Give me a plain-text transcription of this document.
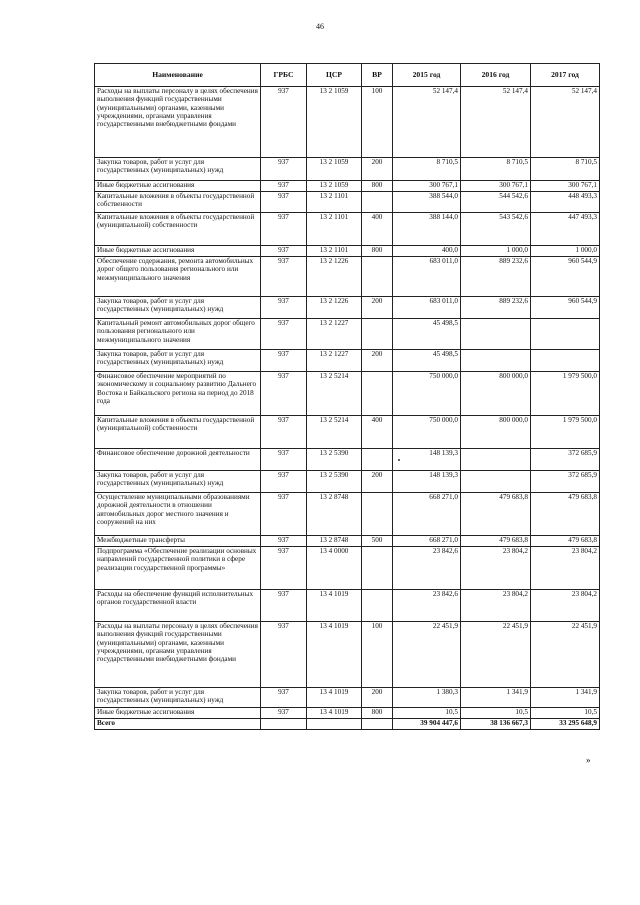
46
Наименование	ГРБС	ЦСР	ВР	2015 год	2016 год	2017 год
Расходы на выплаты персоналу в целях обеспечения выполнения функций государственными (муниципальными) органами, казенными учреждениями, органами управления государственными внебюджетными фондами	937	13 2 1059	100	52 147,4	52 147,4	52 147,4
Закупка товаров, работ и услуг для государственных (муниципальных) нужд	937	13 2 1059	200	8 710,5	8 710,5	8 710,5
Иные бюджетные ассигнования	937	13 2 1059	800	300 767,1	300 767,1	300 767,1
Капитальные вложения в объекты государственной собственности	937	13 2 1101		388 544,0	544 542,6	448 493,3
Капитальные вложения в объекты государственной (муниципальной) собственности	937	13 2 1101	400	388 144,0	543 542,6	447 493,3
Иные бюджетные ассигнования	937	13 2 1101	800	400,0	1 000,0	1 000,0
Обеспечение содержания, ремонта автомобильных дорог общего пользования регионального или межмуниципального значения	937	13 2 1226		683 011,0	889 232,6	960 544,9
Закупка товаров, работ и услуг для государственных (муниципальных) нужд	937	13 2 1226	200	683 011,0	889 232,6	960 544,9
Капитальный ремонт автомобильных дорог общего пользования регионального или межмуниципального значения	937	13 2 1227		45 498,5		
Закупка товаров, работ и услуг для государственных (муниципальных) нужд	937	13 2 1227	200	45 498,5		
Финансовое обеспечение мероприятий по экономическому и социальному развитию Дальнего Востока и Байкальского региона на период до 2018 года	937	13 2 5214		750 000,0	800 000,0	1 979 500,0
Капитальные вложения в объекты государственной (муниципальной) собственности	937	13 2 5214	400	750 000,0	800 000,0	1 979 500,0
Финансовое обеспечение дорожной деятельности	937	13 2 5390		148 139,3		372 685,9
Закупка товаров, работ и услуг для государственных (муниципальных) нужд	937	13 2 5390	200	148 139,3		372 685,9
Осуществление муниципальными образованиями дорожной деятельности в отношении автомобильных дорог местного значения и сооружений на них	937	13 2 8748		668 271,0	479 683,8	479 683,8
Межбюджетные трансферты	937	13 2 8748	500	668 271,0	479 683,8	479 683,8
Подпрограмма «Обеспечение реализации основных направлений государственной политики в сфере реализации государственной программы»	937	13 4 0000		23 842,6	23 804,2	23 804,2
Расходы на обеспечение функций исполнительных органов государственной власти	937	13 4 1019		23 842,6	23 804,2	23 804,2
Расходы на выплаты персоналу в целях обеспечения выполнения функций государственными (муниципальными) органами, казенными учреждениями, органами управления государственными внебюджетными фондами	937	13 4 1019	100	22 451,9	22 451,9	22 451,9
Закупка товаров, работ и услуг для государственных (муниципальных) нужд	937	13 4 1019	200	1 380,3	1 341,9	1 341,9
Иные бюджетные ассигнования	937	13 4 1019	800	10,5	10,5	10,5
Всего				39 904 447,6	38 136 667,3	33 295 648,9
»
